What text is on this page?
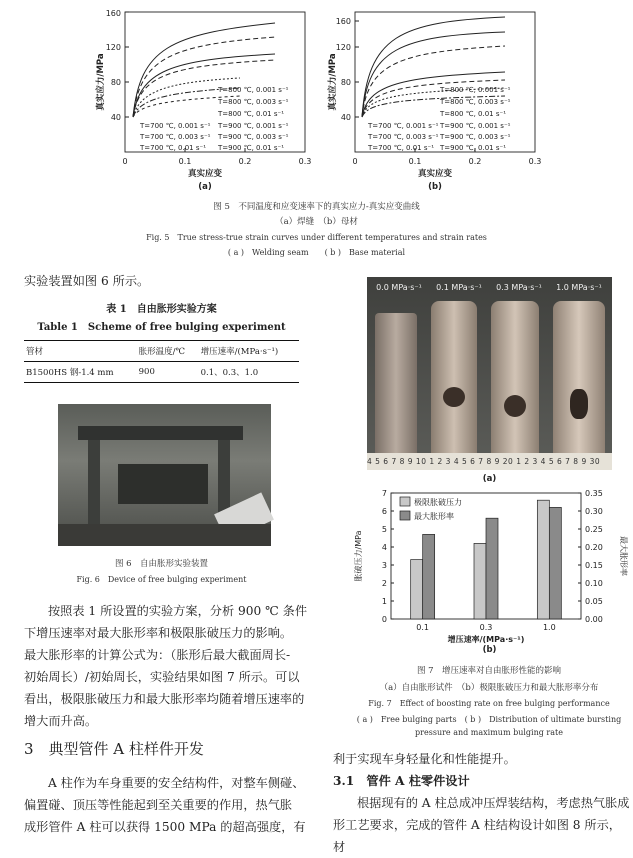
40
80
120
160
0	0.1	0.2	0.3
真实应变
真实应力/MPa
(a)
T=800 ℃, 0.001 s⁻¹
T=800 ℃, 0.003 s⁻¹
T=800 ℃, 0.01 s⁻¹
T=900 ℃, 0.001 s⁻¹
T=900 ℃, 0.003 s⁻¹
T=900 ℃, 0.01 s⁻¹
T=700 ℃, 0.001 s⁻¹
T=700 ℃, 0.003 s⁻¹
T=700 ℃, 0.01 s⁻¹
40
80
120
160
0	0.1	0.2	0.3
真实应变
真实应力/MPa
(b)
T=800 ℃, 0.001 s⁻¹
T=800 ℃, 0.003 s⁻¹
T=800 ℃, 0.01 s⁻¹
T=900 ℃, 0.001 s⁻¹
T=900 ℃, 0.003 s⁻¹
T=900 ℃, 0.01 s⁻¹
T=700 ℃, 0.001 s⁻¹
T=700 ℃, 0.003 s⁻¹
T=700 ℃, 0.01 s⁻¹
图 5　不同温度和应变速率下的真实应力-真实应变曲线
（a）焊缝　（b）母材
Fig. 5　True stress-true strain curves under different temperatures and strain rates
( a )　Welding seam　　( b )　Base material
实验装置如图 6 所示。
表 1　自由胀形实验方案
Table 1　Scheme of free bulging experiment
管材	胀形温度/℃	增压速率/(MPa·s⁻¹)
B1500HS 钢-1.4 mm	900	0.1、0.3、1.0
图 6　自由胀形实验装置
Fig. 6　Device of free bulging experiment
按照表 1 所设置的实验方案，分析 900 ℃ 条件
下增压速率对最大胀形率和极限胀破压力的影响。
最大胀形率的计算公式为：（胀形后最大截面周长-
初始周长）/初始周长，实验结果如图 7 所示。可以
看出，极限胀破压力和最大胀形率均随着增压速率的
增大而升高。
3　典型管件 A 柱样件开发
A 柱作为车身重要的安全结构件，对整车侧碰、
偏置碰、顶压等性能起到至关重要的作用，热气胀
成形管件 A 柱可以获得 1500 MPa 的超高强度，有
0.0 MPa·s⁻¹	0.1 MPa·s⁻¹	0.3 MPa·s⁻¹	1.0 MPa·s⁻¹
4 5 6 7 8 9 10 1 2 3 4 5 6 7 8 9 20 1 2 3 4 5 6 7 8 9 30
(a)
0
1
2
3
4
5
6
7
0.00
0.05
0.10
0.15
0.20
0.25
0.30
0.35
0.1	0.3	1.0
极限胀破压力
最大胀形率
胀破压力/MPa	最大胀形率
增压速率/(MPa·s⁻¹)
(b)
图 7　增压速率对自由胀形性能的影响
（a）自由胀形试件　（b）极限胀破压力和最大胀形率分布
Fig. 7　Effect of boosting rate on free bulging performance
( a )　Free bulging parts　( b )　Distribution of ultimate bursting
pressure and maximum bulging rate
利于实现车身轻量化和性能提升。
3.1　管件 A 柱零件设计
根据现有的 A 柱总成冲压焊装结构，考虑热气胀成
形工艺要求，完成的管件 A 柱结构设计如图 8 所示，材
